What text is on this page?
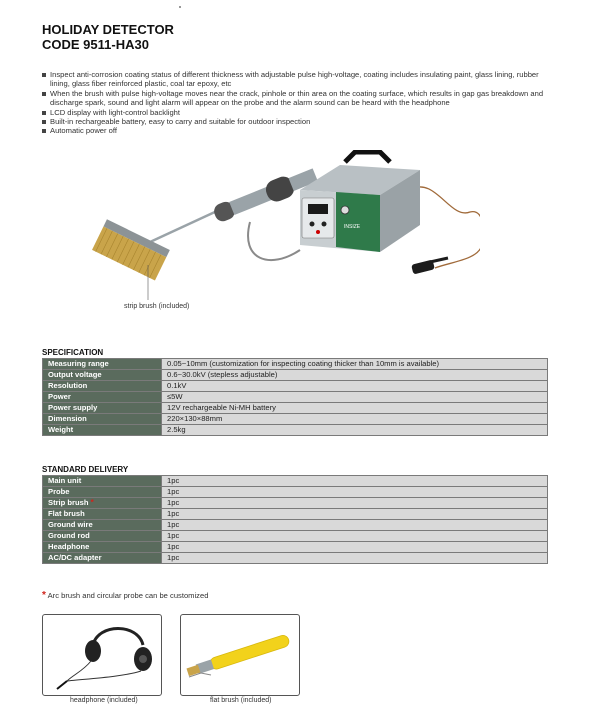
HOLIDAY DETECTOR
CODE 9511-HA30
Inspect anti-corrosion coating status of different thickness with adjustable pulse high-voltage, coating includes insulating paint, glass lining, rubber lining, glass fiber reinforced plastic, coal tar epoxy, etc
When the brush with pulse high-voltage moves near the crack, pinhole or thin area on the coating surface, which results in gap gas breakdown and discharge spark, sound and light alarm will appear on the probe and the alarm sound can be heard with the headphone
LCD display with light-control backlight
Built-in rechargeable battery, easy to carry and suitable for outdoor inspection
Automatic power off
INSIZE
strip brush (included)
SPECIFICATION
Measuring range	0.05~10mm (customization for inspecting coating thicker than 10mm is available)
Output voltage	0.6~30.0kV (stepless adjustable)
Resolution	0.1kV
Power	≤5W
Power supply	12V rechargeable Ni-MH battery
Dimension	220×130×88mm
Weight	2.5kg
STANDARD DELIVERY
Main unit	1pc
Probe	1pc
Strip brush *	1pc
Flat brush	1pc
Ground wire	1pc
Ground rod	1pc
Headphone	1pc
AC/DC adapter	1pc
* Arc brush and circular probe can be customized
headphone (included)	flat brush (included)
